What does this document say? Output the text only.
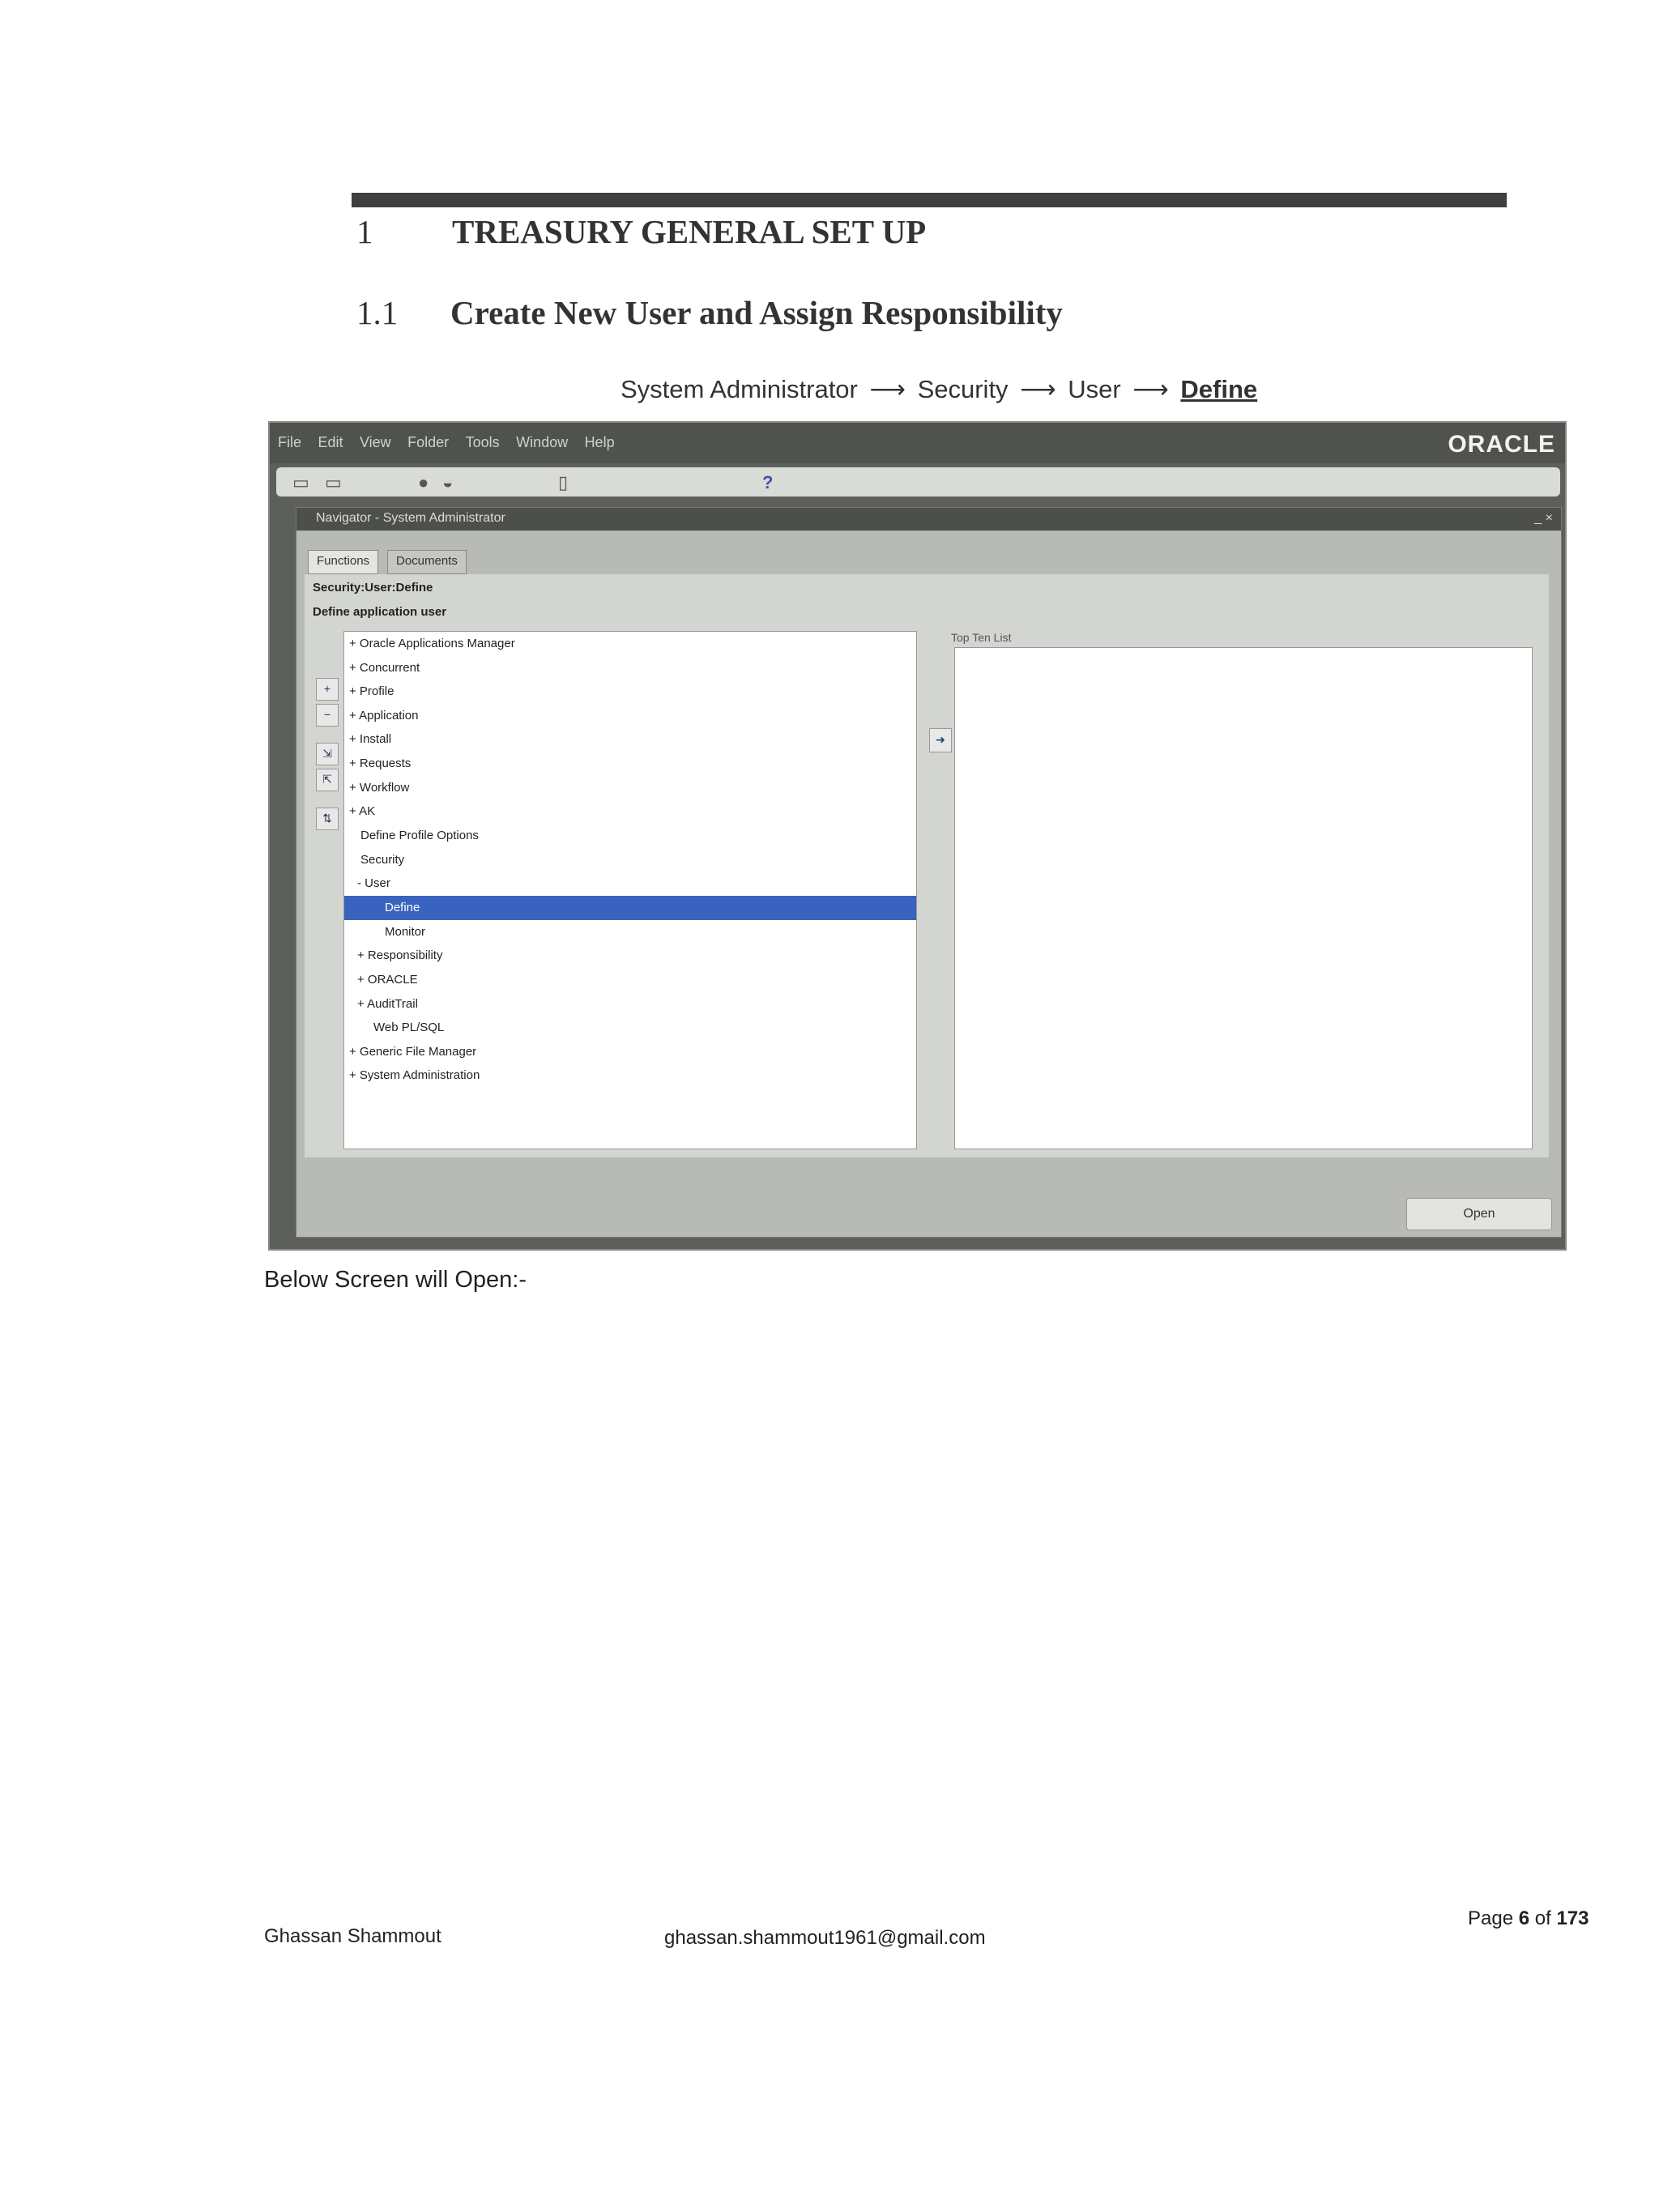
1 TREASURY GENERAL SET UP
1.1 Create New User and Assign Responsibility
System Administrator ⟶ Security ⟶ User ⟶ Define
File Edit View Folder Tools Window Help	ORACLE
▭ ▭	● ◒	▯	?
Navigator - System Administrator	_ ×
Functions	Documents
Security:User:Define
Define application user
+
−
⇲
⇱
⇅
+ Oracle Applications Manager
+ Concurrent
+ Profile
+ Application
+ Install
+ Requests
+ Workflow
+ AK
Define Profile Options
Security
- User
Define
Monitor
+ Responsibility
+ ORACLE
+ AuditTrail
Web PL/SQL
+ Generic File Manager
+ System Administration
➜
Top Ten List
Open
Below Screen will Open:-
Ghassan Shammout	ghassan.shammout1961@gmail.com
Page 6 of 173
